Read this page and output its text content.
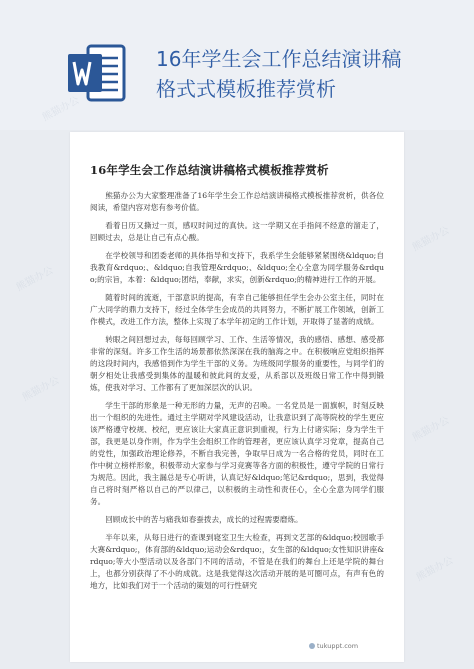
16年学生会工作总结演讲稿
格式式模板推荐赏析
熊猫办公
熊猫办公
熊猫办公
熊猫办公
熊猫办公
16年学生会工作总结演讲稿格式模板推荐赏析

熊猫办公为大家整理准备了16年学生会工作总结演讲稿格式模板推荐赏析，供各位阅读，希望内容对您有参考价值。

看着日历又撕过一页，感叹时间过的真快。这一学期又在手指间不经意的溜走了，回顾过去，总是让自己有点心酸。

在学校领导和团委老师的具体指导和支持下，我系学生会能够紧紧围绕&ldquo;自我教育&rdquo;、&ldquo;自我管理&rdquo;、&ldquo;全心全意为同学服务&rdquo;的宗旨，本着：&ldquo;团结，奉献，求实，创新&rdquo;的精神进行工作的开展。

随着时间的流逝，干部意识的提高，有幸自己能够担任学生会办公室主任，同时在广大同学的鼎力支持下，经过全体学生会成员的共同努力，不断扩展工作领域，创新工作模式，改进工作方法，整体上实现了本学年初定的工作计划，开取得了显著的成绩。

转眼之间回想过去，每每回顾学习、工作、生活等情况，我的感悟、感想、感受都非常的深刻。许多工作生活的场景都依然深深在我的脑海之中。在积极响应党组织指挥的这段时间内，我感悟到作为学生干部的义务。为班级同学服务的重要性，与同学们的朝夕相处让我感受到集体的温暖和彼此间的友爱，从系部以及班级日常工作中得到锻炼，使我对学习、工作都有了更加深层次的认识。

学生干部的形象是一种无形的力量，无声的召唤。一名党员是一面旗帜，时刻反映出一个组织的先进性。通过主学期对学风建设活动，让我意识到了高等院校的学生更应该严格遵守校规、校纪，更应该让大家真正意识到重视，行为上付诸实际；身为学生干部，我更是以身作则，作为学生会组织工作的管理者，更应该认真学习党章，提高自己的党性，加强政治理论修养，不断自我完善，争取早日成为一名合格的党员，同时在工作中树立榜样形象，积极带动大家参与学习竞赛等各方面的积极性，遵守学院的日常行为规范。因此，我主漏总是专心听讲，认真记好&ldquo;笔记&rdquo;，思到，我觉得自己将时刻严格以自己的严以律己，以积极的主动性和责任心，全心全意为同学们服务。

回顾成长中的苦与痛我如春蚕拨去，成长的过程需要磨炼。

半年以来，从每日进行的查课到寝室卫生大检查，再到文艺部的&ldquo;校园歌手大赛&rdquo;，体育部的&ldquo;运动会&rdquo;，女生部的&ldquo;女性知识讲座&rdquo;等大小型活动以及各部门不同的活动，不管是在我们的舞台上还是学院的舞台上，也都分别获得了不小的成就。这是我觉得这次活动开展的是可圈可点，有声有色的地方，比如我们对于一个活动的策划的可行性研究

tukuppt.com
